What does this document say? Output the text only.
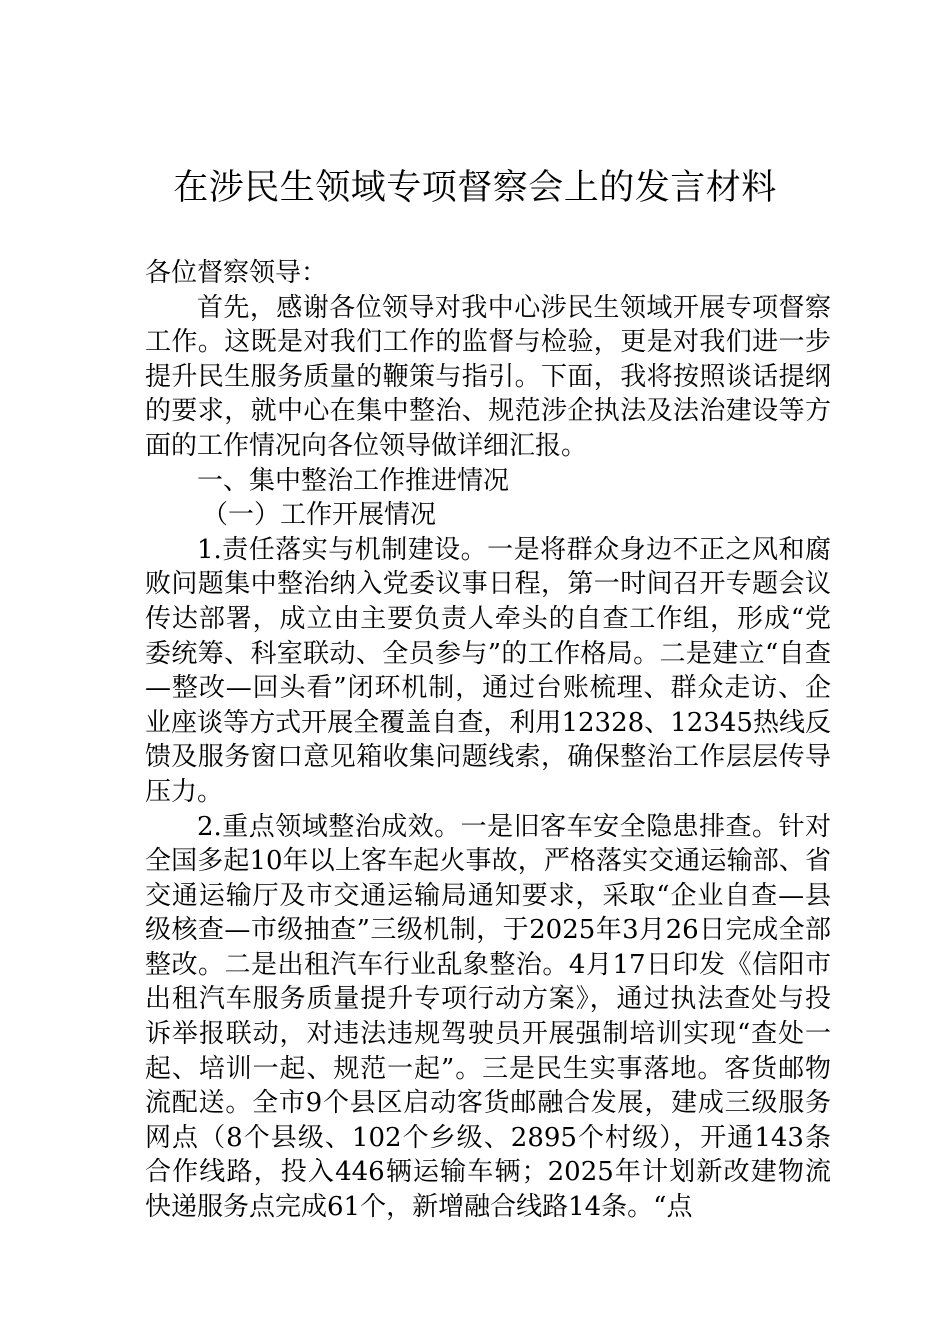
在涉民生领域专项督察会上的发言材料

各位督察领导：

首先，感谢各位领导对我中心涉民生领域开展专项督察工作。这既是对我们工作的监督与检验，更是对我们进一步提升民生服务质量的鞭策与指引。下面，我将按照谈话提纲的要求，就中心在集中整治、规范涉企执法及法治建设等方面的工作情况向各位领导做详细汇报。

一、集中整治工作推进情况

（一）工作开展情况

1.责任落实与机制建设。一是将群众身边不正之风和腐败问题集中整治纳入党委议事日程，第一时间召开专题会议传达部署，成立由主要负责人牵头的自查工作组，形成“党委统筹、科室联动、全员参与”的工作格局。二是建立“自查—整改—回头看”闭环机制，通过台账梳理、群众走访、企业座谈等方式开展全覆盖自查，利用12328、12345热线反馈及服务窗口意见箱收集问题线索，确保整治工作层层传导压力。

2.重点领域整治成效。一是旧客车安全隐患排查。针对全国多起10年以上客车起火事故，严格落实交通运输部、省交通运输厅及市交通运输局通知要求，采取“企业自查—县级核查—市级抽查”三级机制，于2025年3月26日完成全部整改。二是出租汽车行业乱象整治。4月17日印发《信阳市出租汽车服务质量提升专项行动方案》，通过执法查处与投诉举报联动，对违法违规驾驶员开展强制培训实现“查处一起、培训一起、规范一起”。三是民生实事落地。客货邮物流配送。全市9个县区启动客货邮融合发展，建成三级服务网点（8个县级、102个乡级、2895个村级），开通143条合作线路，投入446辆运输车辆；2025年计划新改建物流快递服务点完成61个，新增融合线路14条。“点
